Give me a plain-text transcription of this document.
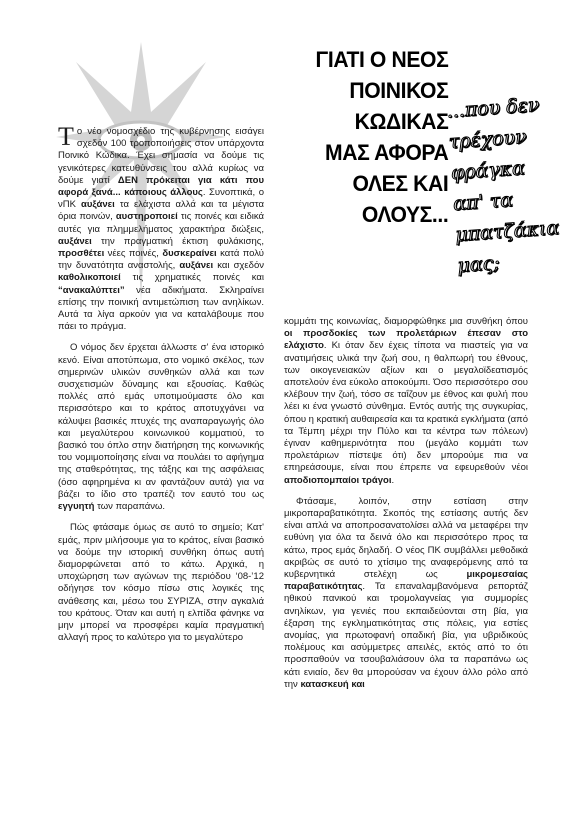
ΓΙΑΤΙ Ο ΝΕΟΣ
ΠΟΙΝΙΚΟΣ
ΚΩΔΙΚΑΣ
ΜΑΣ ΑΦΟΡΑ
ΟΛΕΣ ΚΑΙ
ΟΛΟΥΣ...
...που δεν
τρέχουν
φράγκα
απ' τα
μπατζάκια
μας;

Το νέο νομοσχέδιο της κυβέρνησης εισάγει σχεδόν 100 τροποποιήσεις στον υπάρχοντα Ποινικό Κώδικα. Έχει σημασία να δούμε τις γενικότερες κατευθύνσεις του αλλά κυρίως να δούμε γιατί ΔΕΝ πρόκειται για κάτι που αφορά ξανά... κάποιους άλλους. Συνοπτικά, ο νΠΚ αυξάνει τα ελάχιστα αλλά και τα μέγιστα όρια ποινών, αυστηροποιεί τις ποινές και ειδικά αυτές για πλημμελήματος χαρακτήρα διώξεις, αυξάνει την πραγματική έκτιση φυλάκισης, προσθέτει νέες ποινές, δυσκεραίνει κατά πολύ την δυνατότητα αναστολής, αυξάνει και σχεδόν καθολικοποιεί τις χρηματικές ποινές και “ανακαλύπτει” νέα αδικήματα. Σκληραίνει επίσης την ποινική αντιμετώπιση των ανηλίκων. Αυτά τα λίγα αρκούν για να καταλάβουμε που πάει το πράγμα.

Ο νόμος δεν έρχεται άλλωστε σ' ένα ιστορικό κενό. Είναι αποτύπωμα, στο νομικό σκέλος, των σημερινών υλικών συνθηκών αλλά και των συσχετισμών δύναμης και εξουσίας. Καθώς πολλές από εμάς υποτιμούμαστε όλο και περισσότερο και το κράτος αποτυχγάνει να κάλυψει βασικές πτυχές της αναπαραγωγής όλο και μεγαλύτερου κοινωνικού κομματιού, το βασικό του όπλο στην διατήρηση της κοινωνικής του νομιμοποίησης είναι να πουλάει το αφήγημα της σταθερότητας, της τάξης και της ασφάλειας (όσο αφηρημένα κι αν φαντάζουν αυτά) για να βάζει το ίδιο στο τραπέζι τον εαυτό του ως εγγυητή των παραπάνω.

Πώς φτάσαμε όμως σε αυτό το σημείο; Κατ' εμάς, πριν μιλήσουμε για το κράτος, είναι βασικό να δούμε την ιστορική συνθήκη όπως αυτή διαμορφώνεται από το κάτω. Αρχικά, η υποχώρηση των αγώνων της περιόδου ‘08-’12 οδήγησε τον κόσμο πίσω στις λογικές της ανάθεσης και, μέσω του ΣΥΡΙΖΑ, στην αγκαλιά του κράτους. Όταν και αυτή η ελπίδα φάνηκε να μην μπορεί να προσφέρει καμία πραγματική αλλαγή προς το καλύτερο για το μεγαλύτερο

κομμάτι της κοινωνίας, διαμορφώθηκε μια συνθήκη όπου οι προσδοκίες των προλετάριων έπεσαν στο ελάχιστο. Κι όταν δεν έχεις τίποτα να πιαστείς για να ανατιμήσεις υλικά την ζωή σου, η θαλπωρή του έθνους, των οικογενειακών αξίων και ο μεγαλοϊδεατισμός αποτελούν ένα εύκολο αποκούμπι. Όσο περισσότερο σου κλέβουν την ζωή, τόσο σε ταΐζουν με έθνος και φυλή που λέει κι ένα γνωστό σύνθημα. Εντός αυτής της συγκυρίας, όπου η κρατική αυθαιρεσία και τα κρατικά εγκλήματα (από τα Τέμπη μέχρι την Πύλο και τα κέντρα των πόλεων) έγιναν καθημερινότητα που (μεγάλο κομμάτι των προλετάριων πίστεψε ότι) δεν μπορούμε πια να επηρεάσουμε, είναι που έπρεπε να εφευρεθούν νέοι αποδιοπομπαίοι τράγοι.

Φτάσαμε, λοιπόν, στην εστίαση στην μικροπαραβατικότητα. Σκοπός της εστίασης αυτής δεν είναι απλά να αποπροσανατολίσει αλλά να μεταφέρει την ευθύνη για όλα τα δεινά όλο και περισσότερο προς τα κάτω, προς εμάς δηλαδή. Ο νέος ΠΚ συμβάλλει μεθοδικά ακριβώς σε αυτό το χτίσιμο της αναφερόμενης από τα κυβερνητικά στελέχη ως μικρομεσαίας παραβατικότητας. Τα επαναλαμβανόμενα ρεπορτάζ ηθικού πανικού και τρομολαγνείας για συμμορίες ανηλίκων, για γενιές που εκπαιδεύονται στη βία, για έξαρση της εγκληματικότητας στις πόλεις, για εστίες ανομίας, για πρωτοφανή οπαδική βία, για υβριδικούς πολέμους και ασύμμετρες απειλές, εκτός από το ότι προσπαθούν να τσουβαλιάσουν όλα τα παραπάνω ως κάτι ενιαίο, δεν θα μπορούσαν να έχουν άλλο ρόλο από την κατασκευή και
